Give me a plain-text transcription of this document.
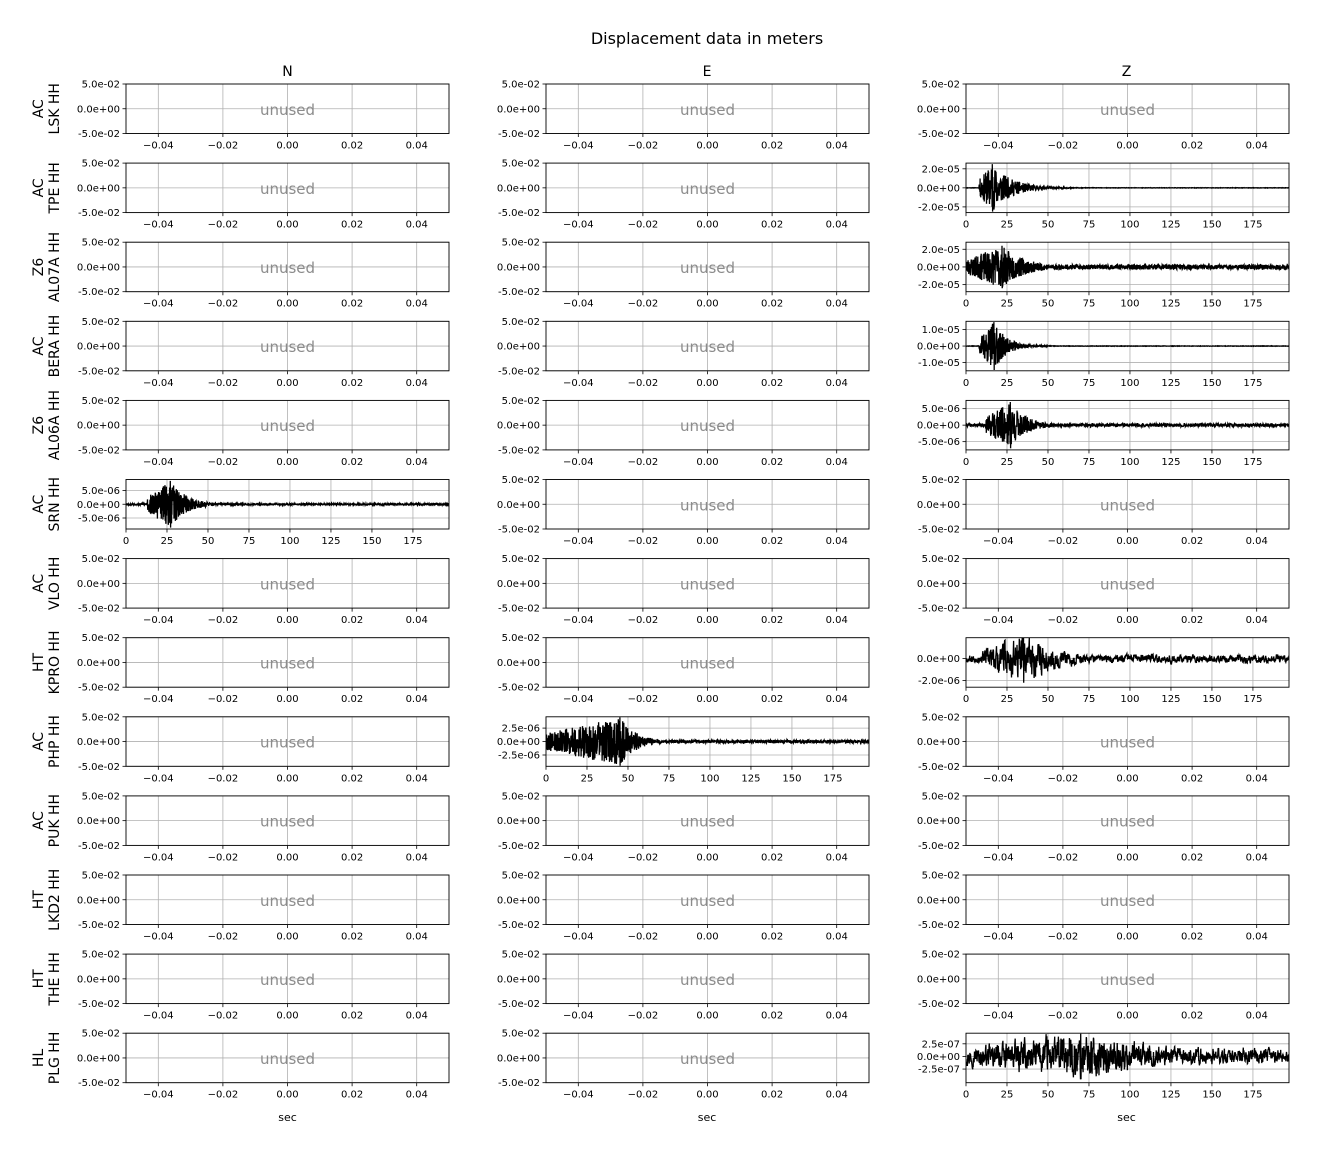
Displacement data in meters
N	E	Z
sec	sec	sec
AC LSK HH
−0.04	−0.02	0.00	0.02	0.04
5.0e-02
0.0e+00
-5.0e-02
unused
−0.04	−0.02	0.00	0.02	0.04
5.0e-02
0.0e+00
-5.0e-02
unused
−0.04	−0.02	0.00	0.02	0.04
5.0e-02
0.0e+00
-5.0e-02
unused
AC TPE HH
−0.04	−0.02	0.00	0.02	0.04
5.0e-02
0.0e+00
-5.0e-02
unused
−0.04	−0.02	0.00	0.02	0.04
5.0e-02
0.0e+00
-5.0e-02
unused
0	25	50	75	100 125 150 175
2.0e-05
0.0e+00
-2.0e-05
Z6 AL07A HH
−0.04	−0.02	0.00	0.02	0.04
5.0e-02
0.0e+00
-5.0e-02
unused
−0.04	−0.02	0.00	0.02	0.04
5.0e-02
0.0e+00
-5.0e-02
unused
0	25	50	75	100 125 150 175
2.0e-05
0.0e+00
-2.0e-05
AC BERA HH
−0.04	−0.02	0.00	0.02	0.04
5.0e-02
0.0e+00
-5.0e-02
unused
−0.04	−0.02	0.00	0.02	0.04
5.0e-02
0.0e+00
-5.0e-02
unused
0	25	50	75	100 125 150 175
1.0e-05
0.0e+00
-1.0e-05
Z6 AL06A HH
−0.04	−0.02	0.00	0.02	0.04
5.0e-02
0.0e+00
-5.0e-02
unused
−0.04	−0.02	0.00	0.02	0.04
5.0e-02
0.0e+00
-5.0e-02
unused
0	25	50	75	100 125 150 175
5.0e-06
0.0e+00
-5.0e-06
AC SRN HH
0	25	50	75	100 125 150 175
5.0e-06
0.0e+00
-5.0e-06
−0.04	−0.02	0.00	0.02	0.04
5.0e-02
0.0e+00
-5.0e-02
unused
−0.04	−0.02	0.00	0.02	0.04
5.0e-02
0.0e+00
-5.0e-02
unused
AC VLO HH
−0.04	−0.02	0.00	0.02	0.04
5.0e-02
0.0e+00
-5.0e-02
unused
−0.04	−0.02	0.00	0.02	0.04
5.0e-02
0.0e+00
-5.0e-02
unused
−0.04	−0.02	0.00	0.02	0.04
5.0e-02
0.0e+00
-5.0e-02
unused
HT KPRO HH
−0.04	−0.02	0.00	0.02	0.04
5.0e-02
0.0e+00
-5.0e-02
unused
−0.04	−0.02	0.00	0.02	0.04
5.0e-02
0.0e+00
-5.0e-02
unused
0	25	50	75	100 125 150 175
0.0e+00
-2.0e-06
AC PHP HH
−0.04	−0.02	0.00	0.02	0.04
5.0e-02
0.0e+00
-5.0e-02
unused
0	25	50	75	100 125 150 175
2.5e-06
0.0e+00
-2.5e-06
−0.04	−0.02	0.00	0.02	0.04
5.0e-02
0.0e+00
-5.0e-02
unused
AC PUK HH
−0.04	−0.02	0.00	0.02	0.04
5.0e-02
0.0e+00
-5.0e-02
unused
−0.04	−0.02	0.00	0.02	0.04
5.0e-02
0.0e+00
-5.0e-02
unused
−0.04	−0.02	0.00	0.02	0.04
5.0e-02
0.0e+00
-5.0e-02
unused
HT LKD2 HH
−0.04	−0.02	0.00	0.02	0.04
5.0e-02
0.0e+00
-5.0e-02
unused
−0.04	−0.02	0.00	0.02	0.04
5.0e-02
0.0e+00
-5.0e-02
unused
−0.04	−0.02	0.00	0.02	0.04
5.0e-02
0.0e+00
-5.0e-02
unused
HT THE HH
−0.04	−0.02	0.00	0.02	0.04
5.0e-02
0.0e+00
-5.0e-02
unused
−0.04	−0.02	0.00	0.02	0.04
5.0e-02
0.0e+00
-5.0e-02
unused
−0.04	−0.02	0.00	0.02	0.04
5.0e-02
0.0e+00
-5.0e-02
unused
HL PLG HH
−0.04	−0.02	0.00	0.02	0.04
5.0e-02
0.0e+00
-5.0e-02
unused
−0.04	−0.02	0.00	0.02	0.04
5.0e-02
0.0e+00
-5.0e-02
unused
0	25	50	75	100 125 150 175
2.5e-07
0.0e+00
-2.5e-07
